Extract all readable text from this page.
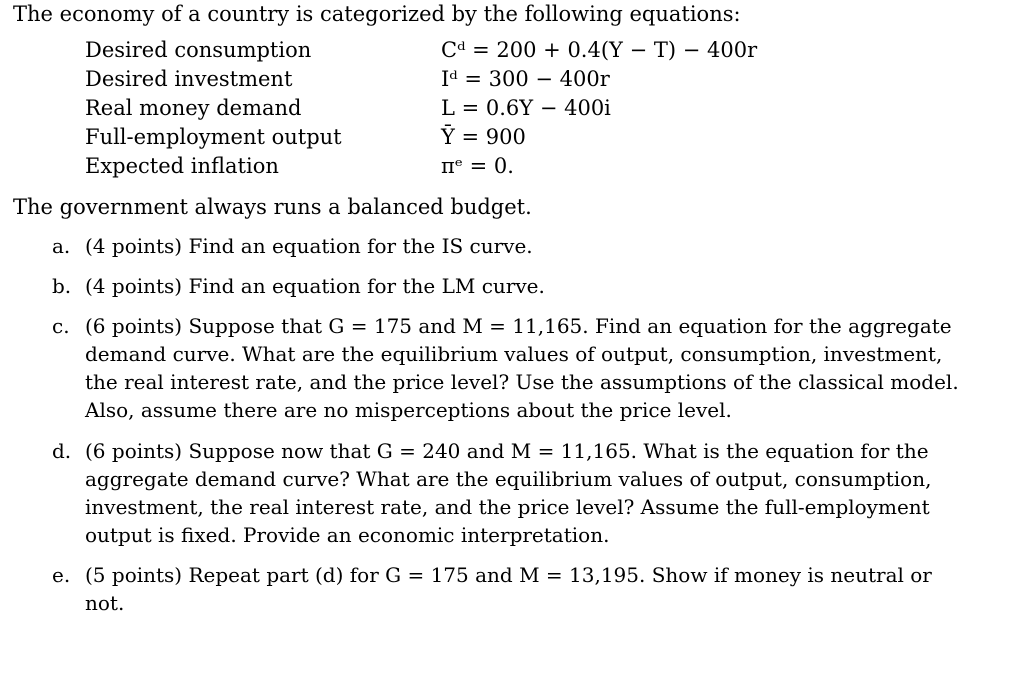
The economy of a country is categorized by the following equations:
Desired consumption	Cᵈ = 200 + 0.4(Y − T) − 400r
Desired investment	Iᵈ = 300 − 400r
Real money demand	L = 0.6Y − 400i
Full-employment output	Ȳ = 900
Expected inflation	πᵉ = 0.
The government always runs a balanced budget.
a. (4 points) Find an equation for the IS curve.
b. (4 points) Find an equation for the LM curve.
c. (6 points) Suppose that G = 175 and M = 11,165. Find an equation for the aggregate
demand curve. What are the equilibrium values of output, consumption, investment,
the real interest rate, and the price level? Use the assumptions of the classical model.
Also, assume there are no misperceptions about the price level.
d. (6 points) Suppose now that G = 240 and M = 11,165. What is the equation for the
aggregate demand curve? What are the equilibrium values of output, consumption,
investment, the real interest rate, and the price level? Assume the full-employment
output is fixed. Provide an economic interpretation.
e. (5 points) Repeat part (d) for G = 175 and M = 13,195. Show if money is neutral or
not.
